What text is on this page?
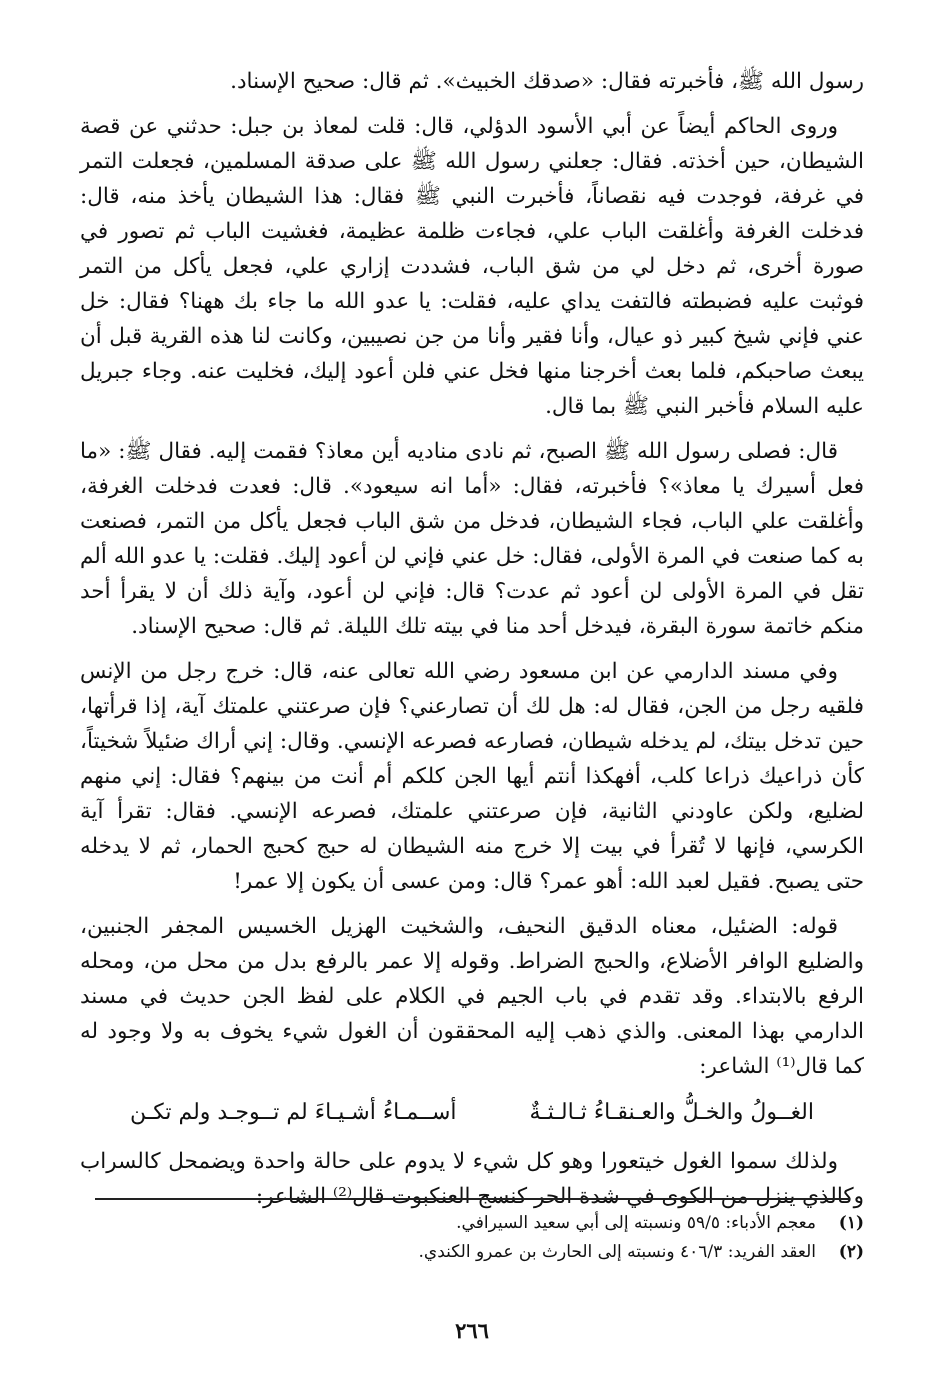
رسول الله ﷺ، فأخبرته فقال: «صدقك الخبيث». ثم قال: صحيح الإسناد.

وروى الحاكم أيضاً عن أبي الأسود الدؤلي، قال: قلت لمعاذ بن جبل: حدثني عن قصة الشيطان، حين أخذته. فقال: جعلني رسول الله ﷺ على صدقة المسلمين، فجعلت التمر في غرفة، فوجدت فيه نقصاناً، فأخبرت النبي ﷺ فقال: هذا الشيطان يأخذ منه، قال: فدخلت الغرفة وأغلقت الباب علي، فجاءت ظلمة عظيمة، فغشيت الباب ثم تصور في صورة أخرى، ثم دخل لي من شق الباب، فشددت إزاري علي، فجعل يأكل من التمر فوثبت عليه فضبطته فالتفت يداي عليه، فقلت: يا عدو الله ما جاء بك ههنا؟ فقال: خل عني فإني شيخ كبير ذو عيال، وأنا فقير وأنا من جن نصيبين، وكانت لنا هذه القرية قبل أن يبعث صاحبكم، فلما بعث أخرجنا منها فخل عني فلن أعود إليك، فخليت عنه. وجاء جبريل عليه السلام فأخبر النبي ﷺ بما قال.

قال: فصلى رسول الله ﷺ الصبح، ثم نادى مناديه أين معاذ؟ فقمت إليه. فقال ﷺ: «ما فعل أسيرك يا معاذ»؟ فأخبرته، فقال: «أما انه سيعود». قال: فعدت فدخلت الغرفة، وأغلقت علي الباب، فجاء الشيطان، فدخل من شق الباب فجعل يأكل من التمر، فصنعت به كما صنعت في المرة الأولى، فقال: خل عني فإني لن أعود إليك. فقلت: يا عدو الله ألم تقل في المرة الأولى لن أعود ثم عدت؟ قال: فإني لن أعود، وآية ذلك أن لا يقرأ أحد منكم خاتمة سورة البقرة، فيدخل أحد منا في بيته تلك الليلة. ثم قال: صحيح الإسناد.

وفي مسند الدارمي عن ابن مسعود رضي الله تعالى عنه، قال: خرج رجل من الإنس فلقيه رجل من الجن، فقال له: هل لك أن تصارعني؟ فإن صرعتني علمتك آية، إذا قرأتها، حين تدخل بيتك، لم يدخله شيطان، فصارعه فصرعه الإنسي. وقال: إني أراك ضئيلاً شخيتاً، كأن ذراعيك ذراعا كلب، أفهكذا أنتم أيها الجن كلكم أم أنت من بينهم؟ فقال: إني منهم لضليع، ولكن عاودني الثانية، فإن صرعتني علمتك، فصرعه الإنسي. فقال: تقرأ آية الكرسي، فإنها لا تُقرأ في بيت إلا خرج منه الشيطان له حبج كحبج الحمار، ثم لا يدخله حتى يصبح. فقيل لعبد الله: أهو عمر؟ قال: ومن عسى أن يكون إلا عمر!

قوله: الضئيل، معناه الدقيق النحيف، والشخيت الهزيل الخسيس المجفر الجنبين، والضليع الوافر الأضلاع، والحبج الضراط. وقوله إلا عمر بالرفع بدل من محل من، ومحله الرفع بالابتداء. وقد تقدم في باب الجيم في الكلام على لفظ الجن حديث في مسند الدارمي بهذا المعنى. والذي ذهب إليه المحققون أن الغول شيء يخوف به ولا وجود له كما قال⁽¹⁾ الشاعر:

الغــولُ والخـلُّ والعـنقـاءُ ثـالـثـةٌ
أســمـاءُ أشـيـاءَ لم تــوجـد ولم تكـن

ولذلك سموا الغول خيتعورا وهو كل شيء لا يدوم على حالة واحدة ويضمحل كالسراب وكالذي ينزل من الكوى في شدة الحر كنسج العنكبوت قال⁽²⁾ الشاعر:

(١)
معجم الأدباء: ٥٩/٥ ونسبته إلى أبي سعيد السيرافي.
(٢)
العقد الفريد: ٤٠٦/٣ ونسبته إلى الحارث بن عمرو الكندي.
٢٦٦
